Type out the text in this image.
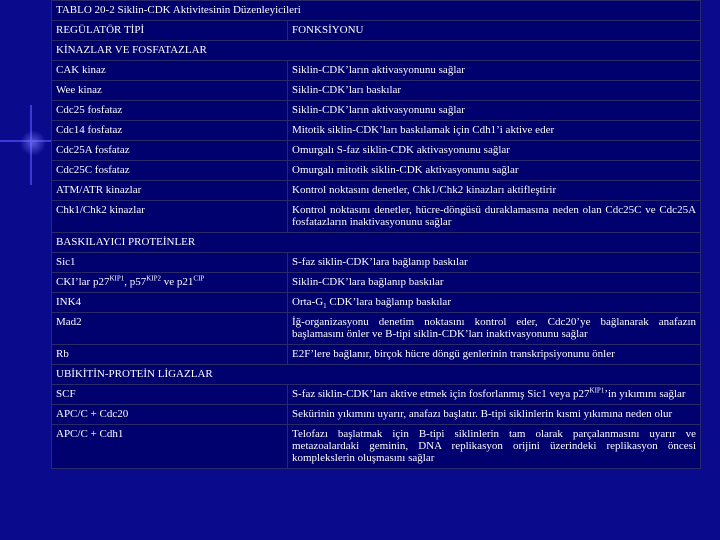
TABLO 20-2 Siklin-CDK Aktivitesinin Düzenleyicileri	
REGÜLATÖR TİPİ	FONKSİYONU
KİNAZLAR VE FOSFATAZLAR	
CAK kinaz	Siklin-CDK’ların aktivasyonunu sağlar
Wee kinaz	Siklin-CDK’ları baskılar
Cdc25 fosfataz	Siklin-CDK’ların aktivasyonunu sağlar
Cdc14 fosfataz	Mitotik siklin-CDK’ları baskılamak için Cdh1’i aktive eder
Cdc25A fosfataz	Omurgalı S-faz siklin-CDK aktivasyonunu sağlar
Cdc25C fosfataz	Omurgalı mitotik siklin-CDK aktivasyonunu sağlar
ATM/ATR kinazlar	Kontrol noktasını denetler, Chk1/Chk2 kinazları aktifleştirir
Chk1/Chk2 kinazlar	Kontrol noktasını denetler, hücre-döngüsü duraklamasına neden olan Cdc25C ve Cdc25A fosfatazların inaktivasyonunu sağlar
BASKILAYICI PROTEİNLER	
Sic1	S-faz siklin-CDK’lara bağlanıp baskılar
CKI’lar $p27^{KIP1}$, $p57^{KIP2}$ ve $p21^{CIP}$	Siklin-CDK’lara bağlanıp baskılar
INK4	Orta-$G_1$ CDK’lara bağlanıp baskılar
Mad2	İğ-organizasyonu denetim noktasını kontrol eder, Cdc20’ye bağlanarak anafazın başlamasını önler ve B-tipi siklin-CDK’ları inaktivasyonunu sağlar
Rb	E2F’lere bağlanır, birçok hücre döngü genlerinin transkripsiyonunu önler
UBİKİTİN-PROTEİN LİGAZLAR	
SCF	S-faz siklin-CDK’ları aktive etmek için fosforlanmış Sic1 veya $p27^{KIP1}’in$ yıkımını sağlar
APC/C + Cdc20	Sekürinin yıkımını uyarır, anafazı başlatır. B-tipi siklinlerin kısmi yıkımına neden olur
APC/C + Cdh1	Telofazı başlatmak için B-tipi siklinlerin tam olarak parçalanmasını uyarır ve metazoalardaki geminin, DNA replikasyon orijini üzerindeki replikasyon öncesi komplekslerin oluşmasını sağlar
